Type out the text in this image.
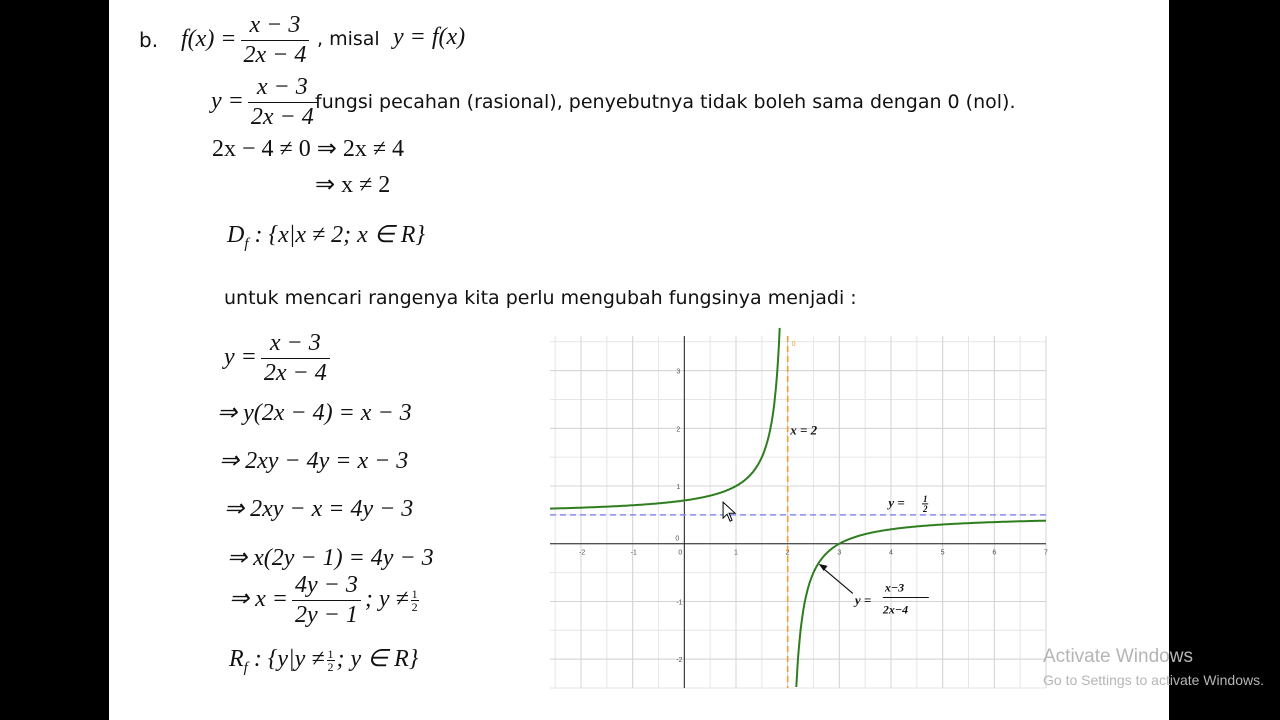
b. $f(x) = \frac{x - 3}{2x - 4}$ , misal y = f(x)
$y = \frac{x - 3}{2x - 4}$
fungsi pecahan (rasional), penyebutnya tidak boleh sama dengan 0 (nol).
2x − 4 ≠ 0 ⇒ 2x ≠ 4
⇒ x ≠ 2
$D_f$ : {x|x ≠ 2; x ∈ R}
untuk mencari rangenya kita perlu mengubah fungsinya menjadi :
$y = \frac{x - 3}{2x - 4}$
⇒ y(2x − 4) = x − 3
⇒ 2xy − 4y = x − 3
⇒ 2xy − x = 4y − 3
⇒ x(2y − 1) = 4y − 3
⇒ $x = \frac{4y - 3}{2y - 1}$ ; $y \ne \frac{1}{2}$
$R_f$ : {$y|y \ne \frac{1}{2}$ ; y ∈ R}
-2	-1	0	1	2	3	4	5	6	7
-2
-1
1
2
3
0
0
x = 2
y = 1
2
y =
x−3
2x−4
Activate Windows
Go to Settings to activate Windows.
